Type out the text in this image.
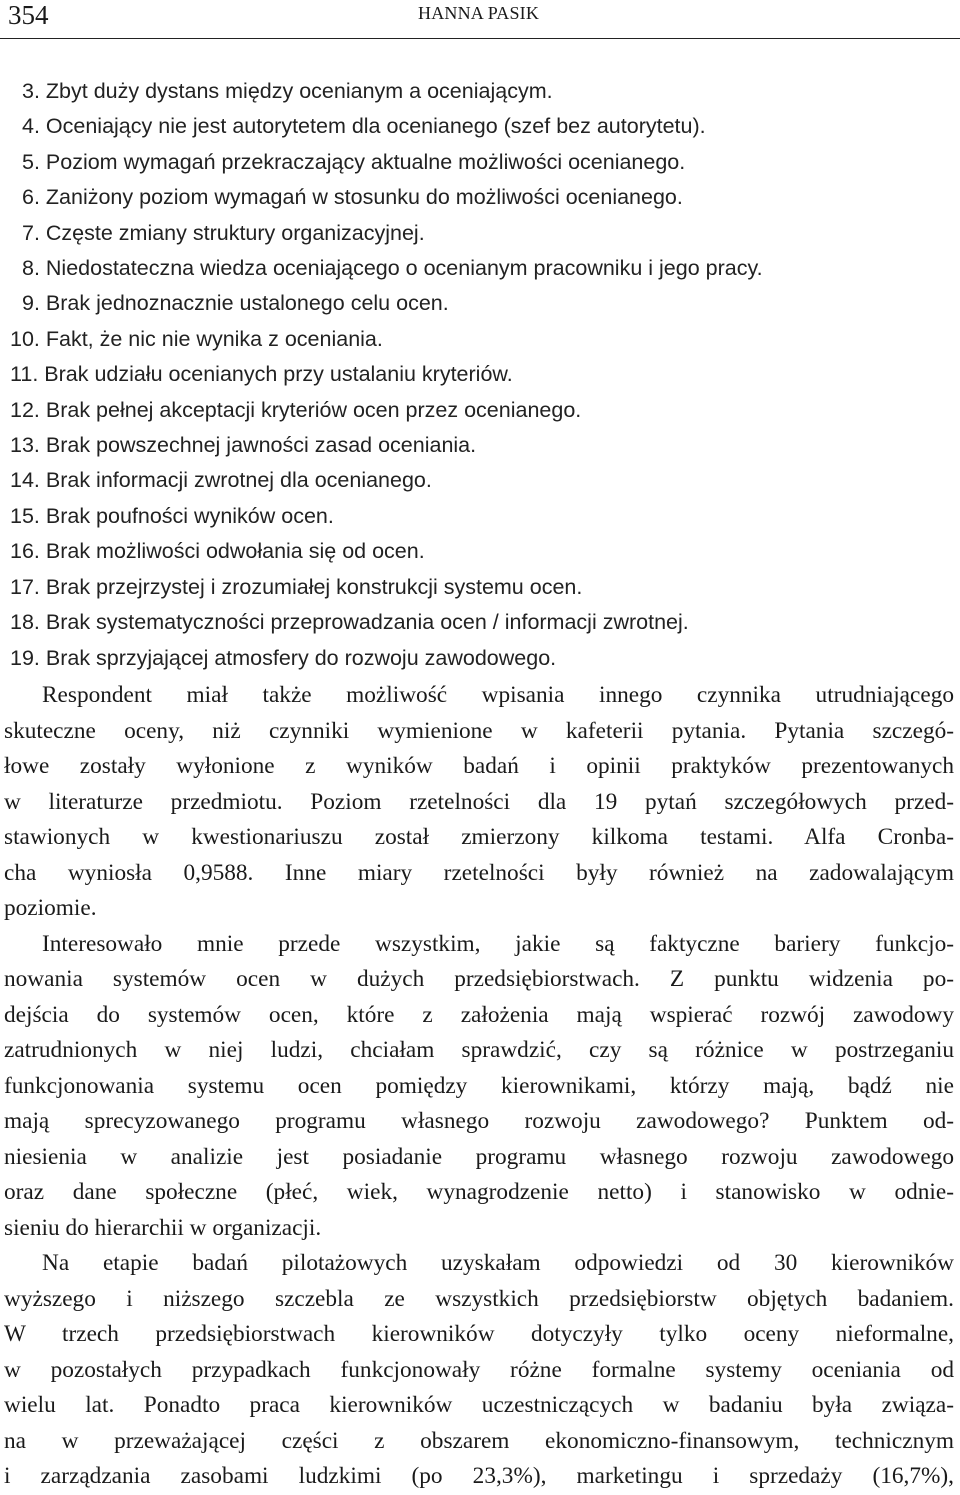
354	HANNA PASIK
3. Zbyt duży dystans między ocenianym a oceniającym.
4. Oceniający nie jest autorytetem dla ocenianego (szef bez autorytetu).
5. Poziom wymagań przekraczający aktualne możliwości ocenianego.
6. Zaniżony poziom wymagań w stosunku do możliwości ocenianego.
7. Częste zmiany struktury organizacyjnej.
8. Niedostateczna wiedza oceniającego o ocenianym pracowniku i jego pracy.
9. Brak jednoznacznie ustalonego celu ocen.
10. Fakt, że nic nie wynika z oceniania.
11. Brak udziału ocenianych przy ustalaniu kryteriów.
12. Brak pełnej akceptacji kryteriów ocen przez ocenianego.
13. Brak powszechnej jawności zasad oceniania.
14. Brak informacji zwrotnej dla ocenianego.
15. Brak poufności wyników ocen.
16. Brak możliwości odwołania się od ocen.
17. Brak przejrzystej i zrozumiałej konstrukcji systemu ocen.
18. Brak systematyczności przeprowadzania ocen / informacji zwrotnej.
19. Brak sprzyjającej atmosfery do rozwoju zawodowego.
Respondent miał także możliwość wpisania innego czynnika utrudniającego
skuteczne oceny, niż czynniki wymienione w kafeterii pytania. Pytania szczegó-
łowe zostały wyłonione z wyników badań i opinii praktyków prezentowanych
w literaturze przedmiotu. Poziom rzetelności dla 19 pytań szczegółowych przed-
stawionych w kwestionariuszu został zmierzony kilkoma testami. Alfa Cronba-
cha wyniosła 0,9588. Inne miary rzetelności były również na zadowalającym
poziomie.
Interesowało mnie przede wszystkim, jakie są faktyczne bariery funkcjo-
nowania systemów ocen w dużych przedsiębiorstwach. Z punktu widzenia po-
dejścia do systemów ocen, które z założenia mają wspierać rozwój zawodowy
zatrudnionych w niej ludzi, chciałam sprawdzić, czy są różnice w postrzeganiu
funkcjonowania systemu ocen pomiędzy kierownikami, którzy mają, bądź nie
mają sprecyzowanego programu własnego rozwoju zawodowego? Punktem od-
niesienia w analizie jest posiadanie programu własnego rozwoju zawodowego
oraz dane społeczne (płeć, wiek, wynagrodzenie netto) i stanowisko w odnie-
sieniu do hierarchii w organizacji.
Na etapie badań pilotażowych uzyskałam odpowiedzi od 30 kierowników
wyższego i niższego szczebla ze wszystkich przedsiębiorstw objętych badaniem.
W trzech przedsiębiorstwach kierowników dotyczyły tylko oceny nieformalne,
w pozostałych przypadkach funkcjonowały różne formalne systemy oceniania od
wielu lat. Ponadto praca kierowników uczestniczących w badaniu była związa-
na w przeważającej części z obszarem ekonomiczno-finansowym, technicznym
i zarządzania zasobami ludzkimi (po 23,3%), marketingu i sprzedaży (16,7%),
